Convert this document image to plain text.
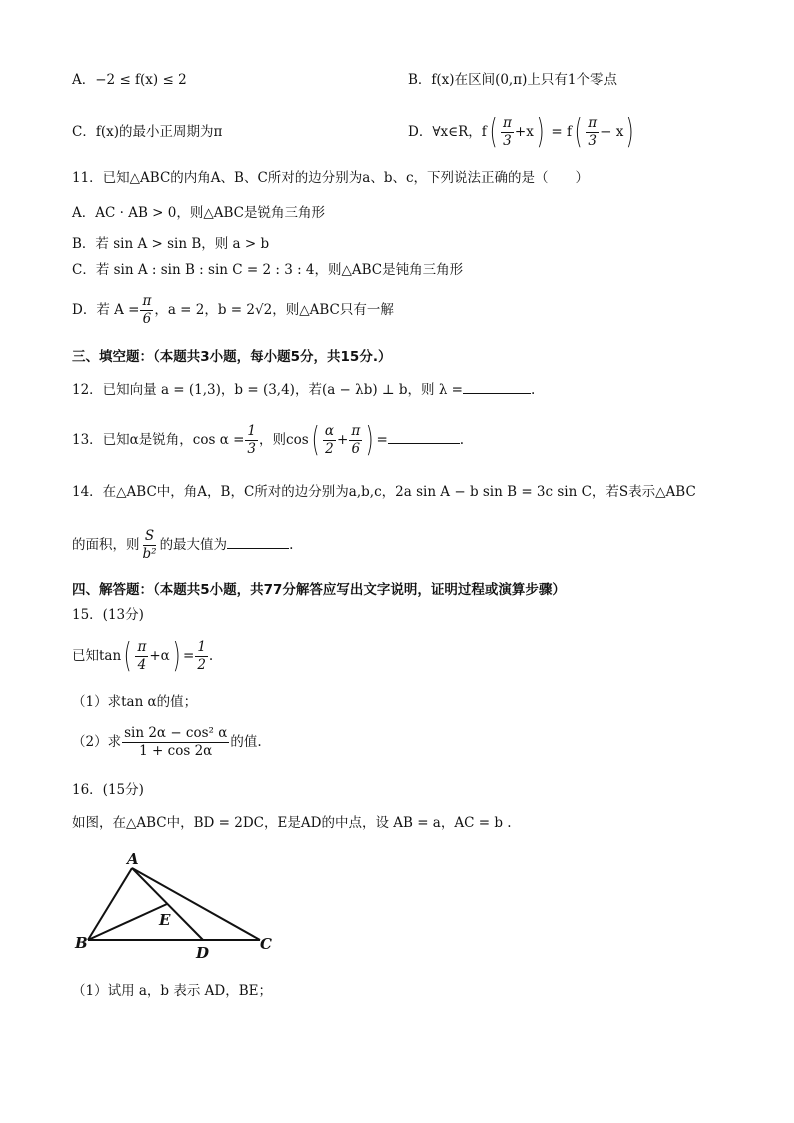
A．−2 ≤ f(x) ≤ 2	B．f(x)在区间(0,π)上只有1个零点
C．f(x)的最小正周期为π	D．∀x∈R，$f( \frac{\pi}{3} +x) = f( \frac{\pi}{3} - x)$
11．已知△ABC的内角A、B、C所对的边分别为a、b、c，下列说法正确的是（　　）
A．AC · AB > 0，则△ABC是锐角三角形
B．若 sin A > sin B，则 a > b
C．若 sin A : sin B : sin C = 2 : 3 : 4，则△ABC是钝角三角形
D．若 $A = \frac{\pi}{6}$ ，a = 2，b = 2√2，则△ABC只有一解
三、填空题：（本题共3小题，每小题5分，共15分.）
12．已知向量 a = (1,3)，b = (3,4)，若(a − λb) ⊥ b，则 λ =	.
13．已知α是锐角，$\cos \alpha = \frac{1}{3}$ ，则$\cos( \frac{\alpha}{2} + \frac{\pi}{6}$ ) =	.
14．在△ABC中，角A，B，C所对的边分别为a,b,c，2a sin A − b sin B = 3c sin C，若S表示△ABC
的面积，则 $\frac{S}{\text{b²}}$ 的最大值为	.
四、解答题：（本题共5小题，共77分解答应写出文字说明，证明过程或演算步骤）
15．(13分)
已知$\tan( \frac{\pi}{4} +\alpha) = \frac{1}{2}$ .
（1）求tan α的值；
（2）求 $\frac{\text{sin 2α − cos² α}}{1 + \cos 2\alpha}$ 的值.
16．(15分)
如图，在△ABC中，BD = 2DC，E是AD的中点，设 AB = a，AC = b .
A
B	C
D
E
（1）试用 a，b 表示 AD，BE；
